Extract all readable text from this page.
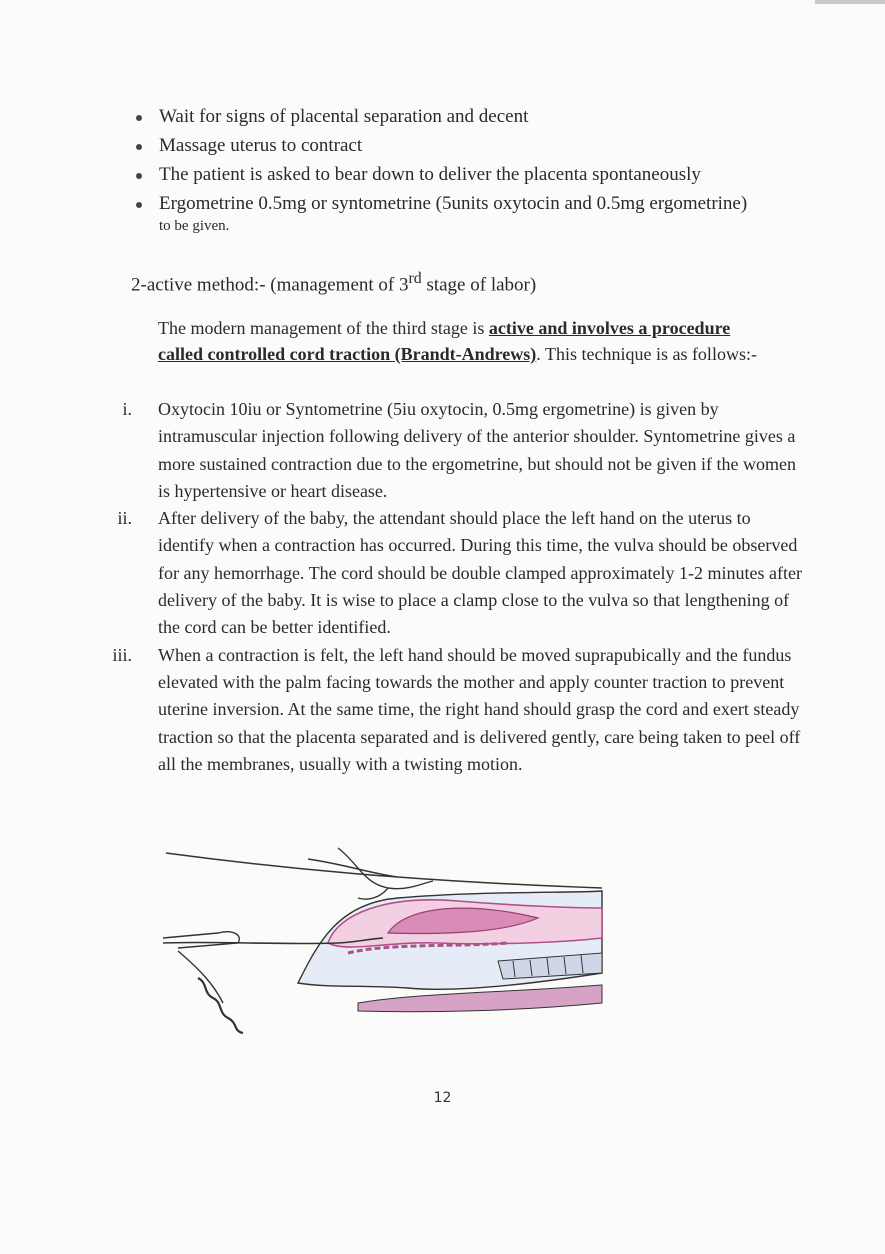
Wait for signs of placental separation and decent
Massage uterus to contract
The patient is asked to bear down to deliver the placenta spontaneously
Ergometrine 0.5mg or syntometrine (5units oxytocin and 0.5mg ergometrine)
to be given.
2-active method:- (management of 3rd stage of labor)
The modern management of the third stage is active and involves a procedure called controlled cord traction (Brandt-Andrews). This technique is as follows:-
i. Oxytocin 10iu or Syntometrine (5iu oxytocin, 0.5mg ergometrine) is given by intramuscular injection following delivery of the anterior shoulder. Syntometrine gives a more sustained contraction due to the ergometrine, but should not be given if the women is hypertensive or heart disease.
ii. After delivery of the baby, the attendant should place the left hand on the uterus to identify when a contraction has occurred. During this time, the vulva should be observed for any hemorrhage. The cord should be double clamped approximately 1-2 minutes after delivery of the baby. It is wise to place a clamp close to the vulva so that lengthening of the cord can be better identified.
iii. When a contraction is felt, the left hand should be moved suprapubically and the fundus elevated with the palm facing towards the mother and apply counter traction to prevent uterine inversion. At the same time, the right hand should grasp the cord and exert steady traction so that the placenta separated and is delivered gently, care being taken to peel off all the membranes, usually with a twisting motion.
12
